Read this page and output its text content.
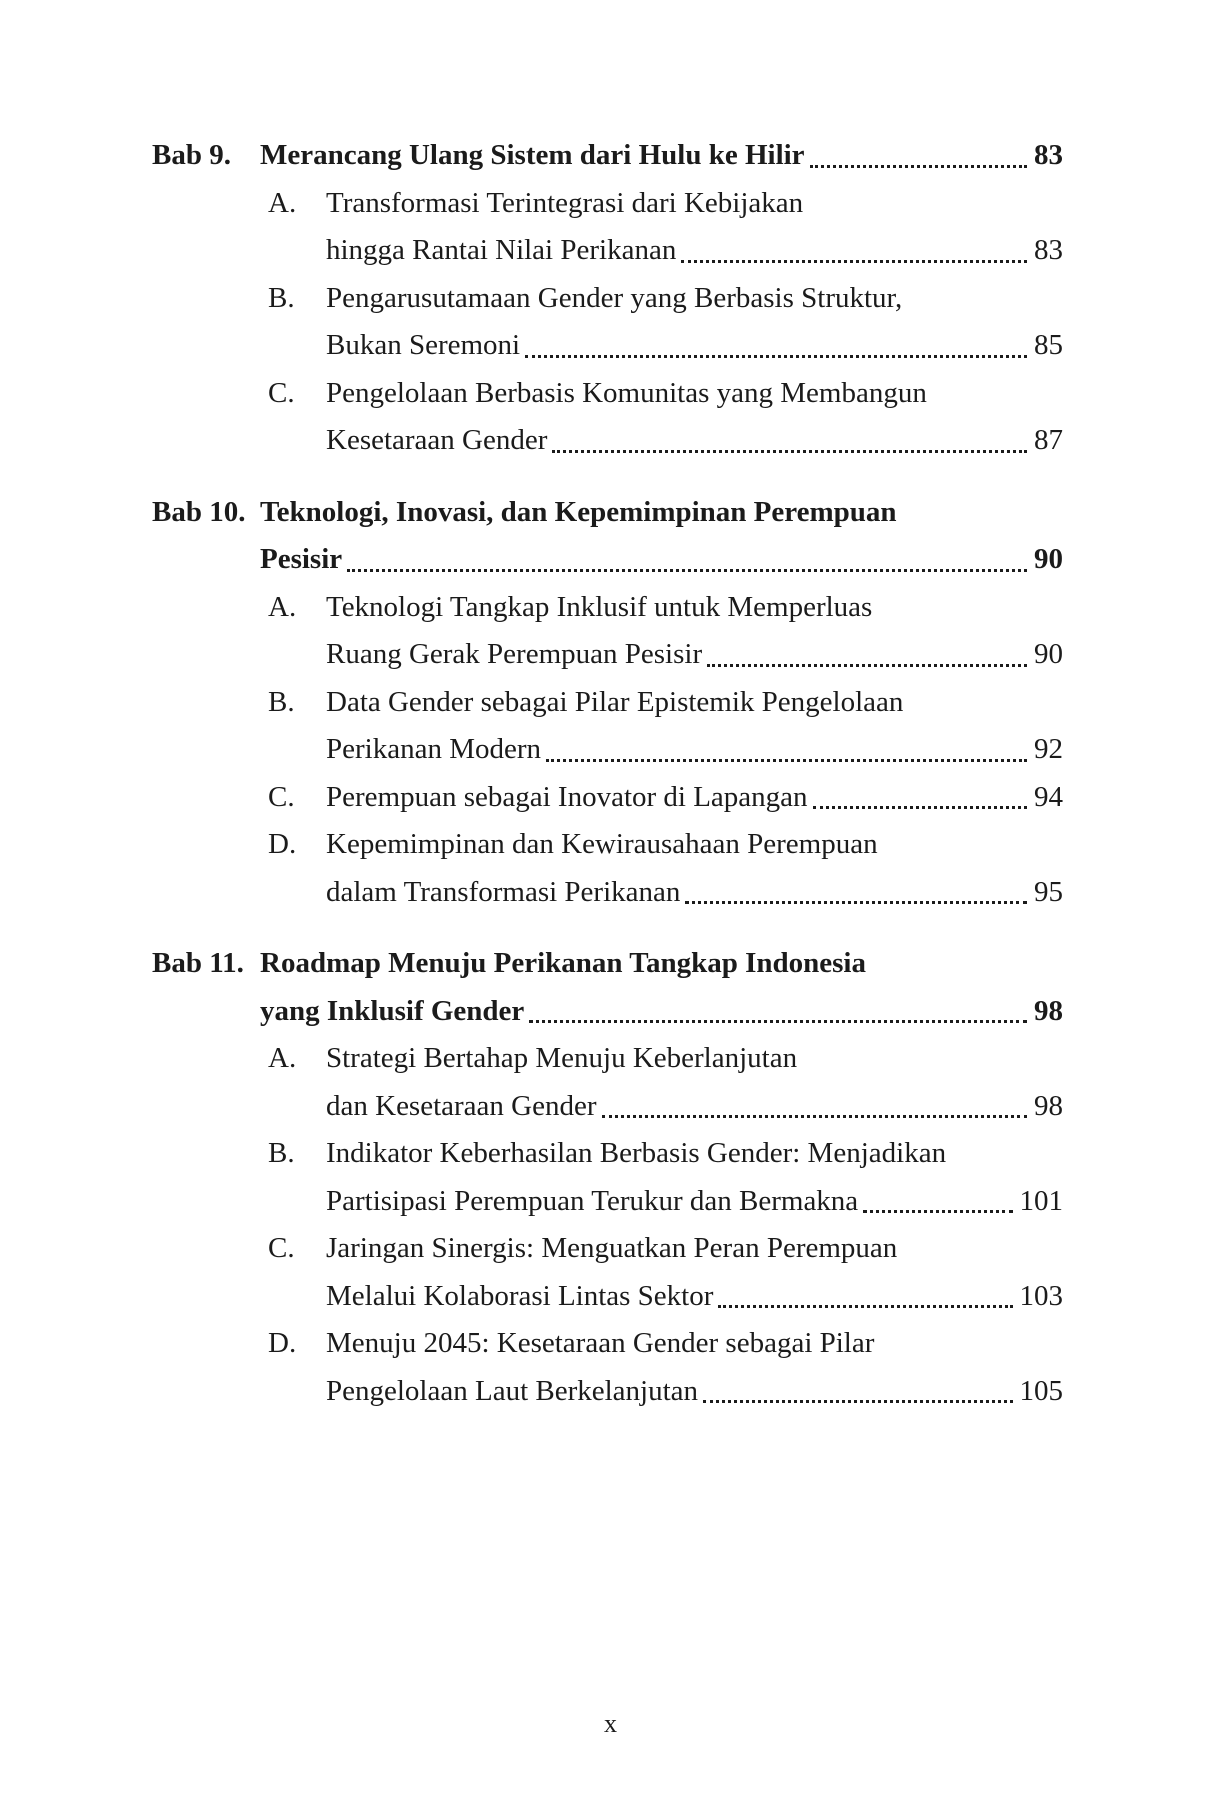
Bab 9.	Merancang Ulang Sistem dari Hulu ke Hilir	83
A.	Transformasi Terintegrasi dari Kebijakan
hingga Rantai Nilai Perikanan	83
B.	Pengarusutamaan Gender yang Berbasis Struktur,
Bukan Seremoni	85
C.	Pengelolaan Berbasis Komunitas yang Membangun
Kesetaraan Gender	87
Bab 10. Teknologi, Inovasi, dan Kepemimpinan Perempuan
Pesisir	90
A.	Teknologi Tangkap Inklusif untuk Memperluas
Ruang Gerak Perempuan Pesisir	90
B.	Data Gender sebagai Pilar Epistemik Pengelolaan
Perikanan Modern	92
C.	Perempuan sebagai Inovator di Lapangan	94
D.	Kepemimpinan dan Kewirausahaan Perempuan
dalam Transformasi Perikanan	95
Bab 11. Roadmap Menuju Perikanan Tangkap Indonesia
yang Inklusif Gender	98
A.	Strategi Bertahap Menuju Keberlanjutan
dan Kesetaraan Gender	98
B.	Indikator Keberhasilan Berbasis Gender: Menjadikan
Partisipasi Perempuan Terukur dan Bermakna	101
C.	Jaringan Sinergis: Menguatkan Peran Perempuan
Melalui Kolaborasi Lintas Sektor	103
D.	Menuju 2045: Kesetaraan Gender sebagai Pilar
Pengelolaan Laut Berkelanjutan	105
x
